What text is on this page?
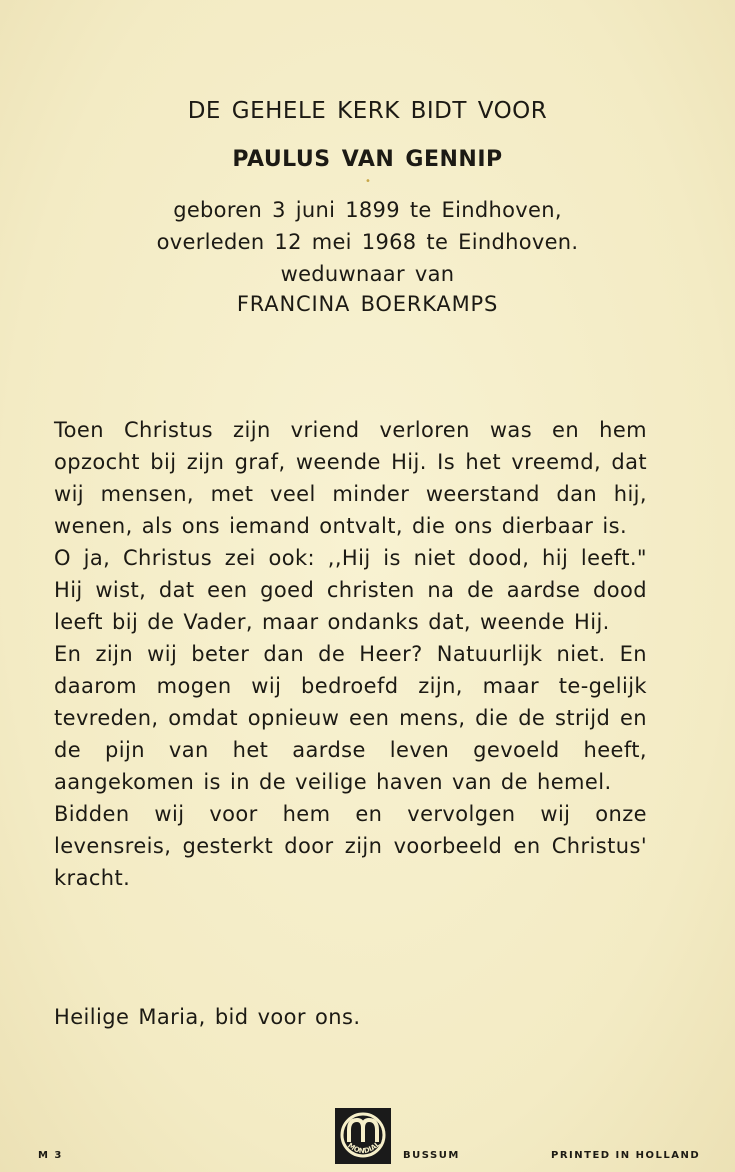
DE GEHELE KERK BIDT VOOR
PAULUS VAN GENNIP
•
geboren 3 juni 1899 te Eindhoven,
overleden 12 mei 1968 te Eindhoven.
weduwnaar van
FRANCINA BOERKAMPS

Toen Christus zijn vriend verloren was en hem opzocht bij zijn graf, weende Hij. Is het vreemd, dat wij mensen, met veel minder weerstand dan hij, wenen, als ons iemand ontvalt, die ons dierbaar is.

O ja, Christus zei ook: ,,Hij is niet dood, hij leeft." Hij wist, dat een goed christen na de aardse dood leeft bij de Vader, maar ondanks dat, weende Hij.

En zijn wij beter dan de Heer? Natuurlijk niet. En daarom mogen wij bedroefd zijn, maar te-gelijk tevreden, omdat opnieuw een mens, die de strijd en de pijn van het aardse leven gevoeld heeft, aangekomen is in de veilige haven van de hemel.

Bidden wij voor hem en vervolgen wij onze levensreis, gesterkt door zijn voorbeeld en Christus' kracht.

Heilige Maria, bid voor ons.
M 3
MONDIAL
BUSSUM	PRINTED IN HOLLAND
